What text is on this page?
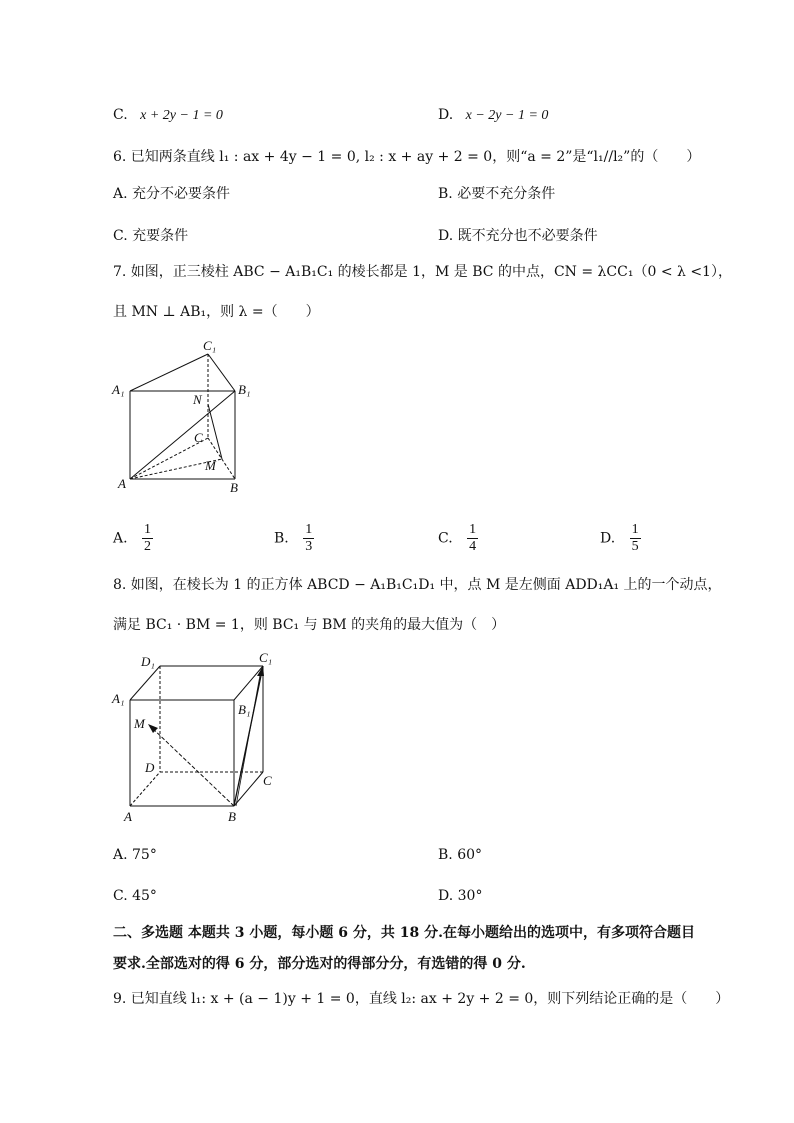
C. x + 2y − 1 = 0	D. x − 2y − 1 = 0
6. 已知两条直线 l₁ : ax + 4y − 1 = 0, l₂ : x + ay + 2 = 0，则“a = 2”是“l₁//l₂”的（　　）
A. 充分不必要条件	B. 必要不充分条件
C. 充要条件	D. 既不充分也不必要条件
7. 如图，正三棱柱 ABC − A₁B₁C₁ 的棱长都是 1，M 是 BC 的中点，CN = λCC₁（0 < λ <1），
且 MN ⊥ AB₁，则 λ =（　　）
C₁
A₁	B₁
N
C
M
A	B
A. $\frac{1}{2}$	B. $\frac{1}{3}$	C. $\frac{1}{4}$	D. $\frac{1}{5}$
8. 如图，在棱长为 1 的正方体 ABCD − A₁B₁C₁D₁ 中，点 M 是左侧面 ADD₁A₁ 上的一个动点，
满足 BC₁ · BM = 1，则 BC₁ 与 BM 的夹角的最大值为（　）
D₁	C₁
A₁
B₁
M
D
C
A	B
A. 75°	B. 60°
C. 45°	D. 30°
二、多选题 本题共 3 小题，每小题 6 分，共 18 分.在每小题给出的选项中，有多项符合题目
要求.全部选对的得 6 分，部分选对的得部分分，有选错的得 0 分.
9. 已知直线 l₁: x + (a − 1)y + 1 = 0，直线 l₂: ax + 2y + 2 = 0，则下列结论正确的是（　　）
